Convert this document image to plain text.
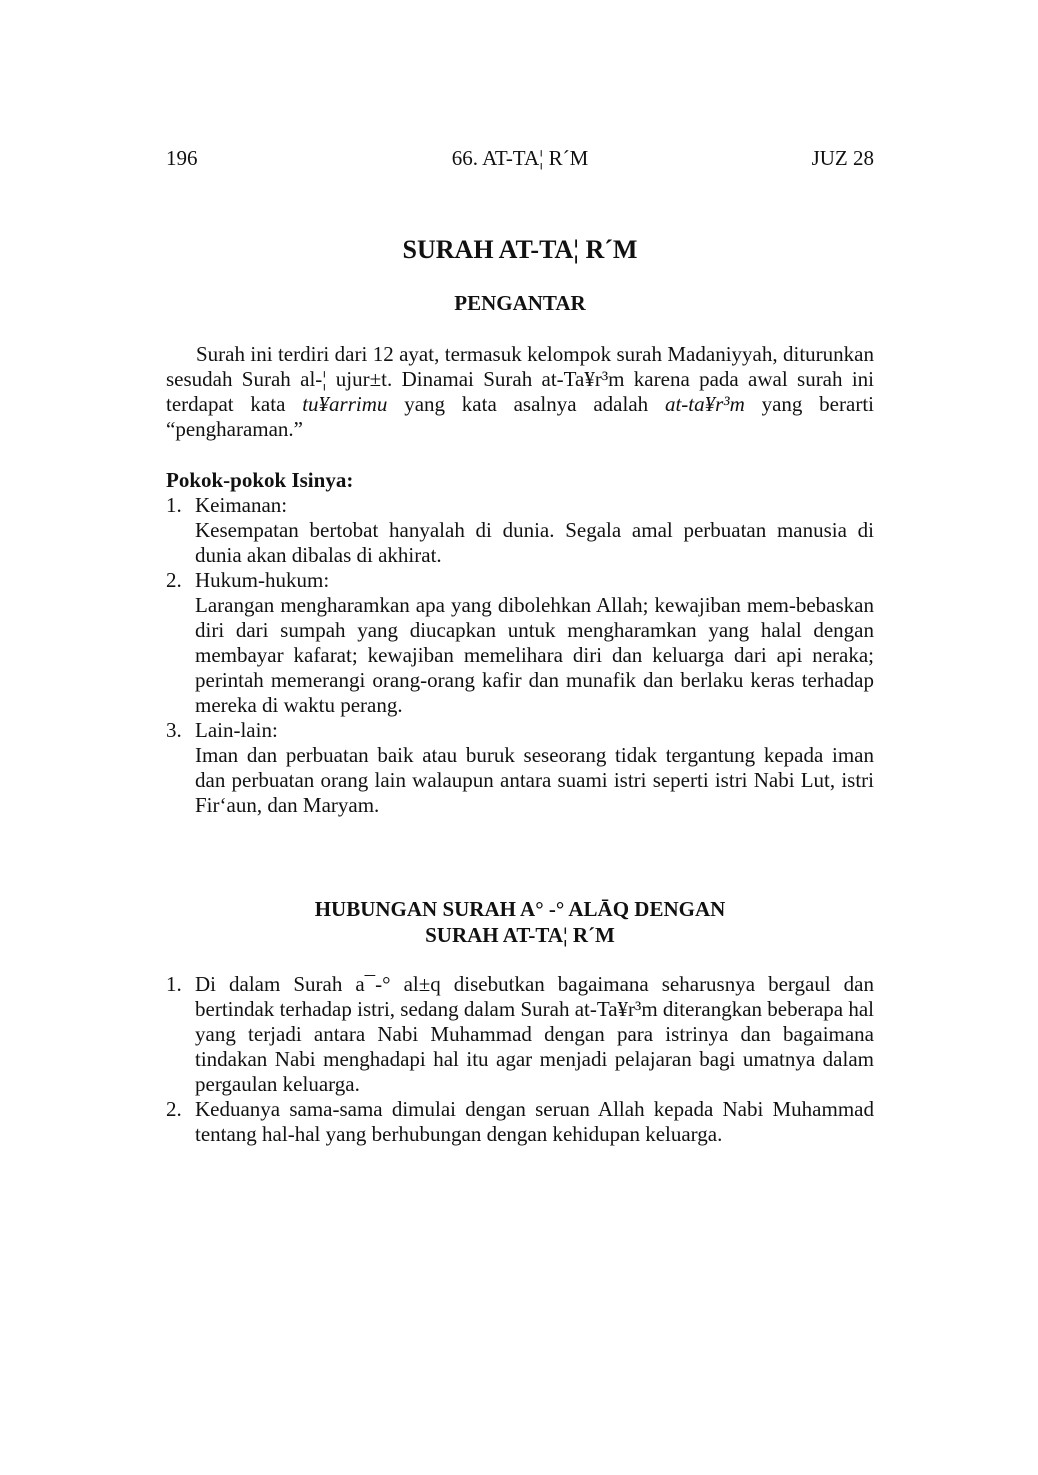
196	66. AT-TA¦ R´M	JUZ 28
SURAH AT-TA¦ R´M
PENGANTAR

Surah ini terdiri dari 12 ayat, termasuk kelompok surah Madaniyyah, diturunkan sesudah Surah al-¦ ujur±t. Dinamai Surah at-Ta¥r³m karena pada awal surah ini terdapat kata tu¥arrimu yang kata asalnya adalah at-ta¥r³m yang berarti “pengharaman.”

Pokok-pokok Isinya:
1. Keimanan:
Kesempatan bertobat hanyalah di dunia. Segala amal perbuatan manusia di dunia akan dibalas di akhirat.
2. Hukum-hukum:
Larangan mengharamkan apa yang dibolehkan Allah; kewajiban mem-bebaskan diri dari sumpah yang diucapkan untuk mengharamkan yang halal dengan membayar kafarat; kewajiban memelihara diri dan keluarga dari api neraka; perintah memerangi orang-orang kafir dan munafik dan berlaku keras terhadap mereka di waktu perang.
3. Lain-lain:
Iman dan perbuatan baik atau buruk seseorang tidak tergantung kepada iman dan perbuatan orang lain walaupun antara suami istri seperti istri Nabi Lut, istri Fir‘aun, dan Maryam.
HUBUNGAN SURAH A° -° ALĀQ DENGAN
SURAH AT-TA¦ R´M
1. Di dalam Surah a¯-° al±q disebutkan bagaimana seharusnya bergaul dan bertindak terhadap istri, sedang dalam Surah at-Ta¥r³m diterangkan beberapa hal yang terjadi antara Nabi Muhammad dengan para istrinya dan bagaimana tindakan Nabi menghadapi hal itu agar menjadi pelajaran bagi umatnya dalam pergaulan keluarga.
2. Keduanya sama-sama dimulai dengan seruan Allah kepada Nabi Muhammad tentang hal-hal yang berhubungan dengan kehidupan keluarga.
